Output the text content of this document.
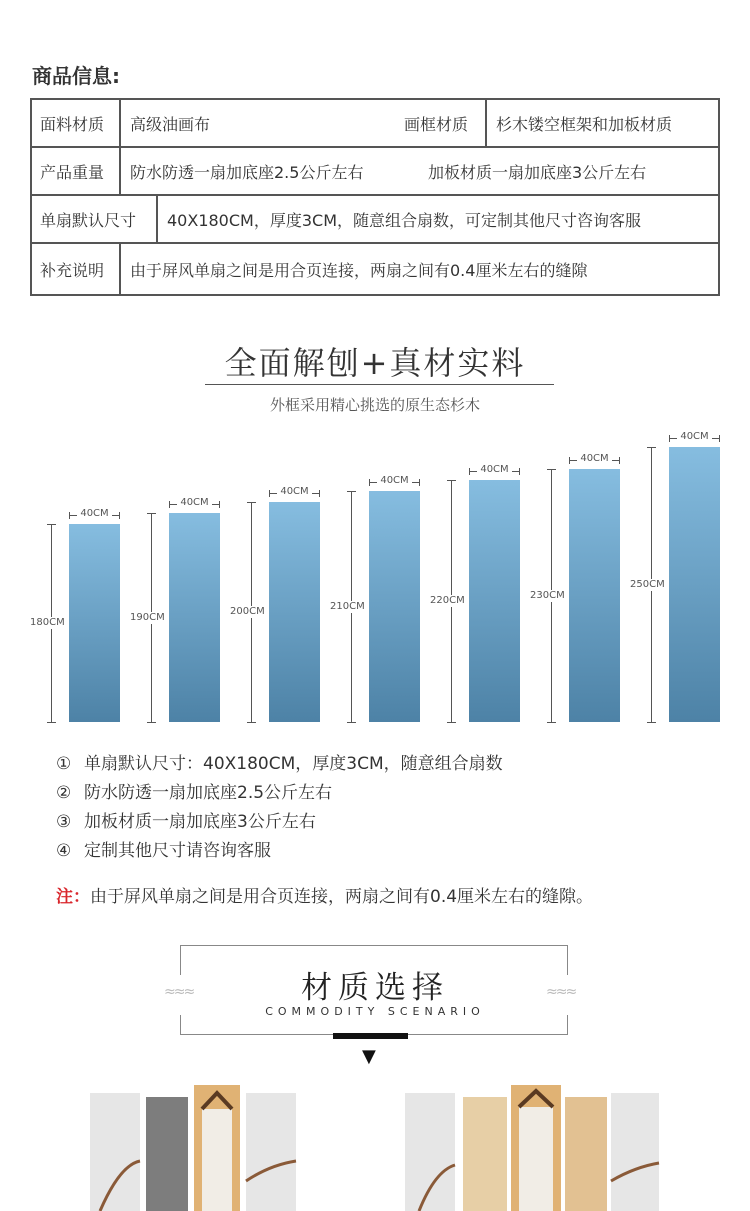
商品信息:
面料材质 高级油画布	画框材质 杉木镂空框架和加板材质
产品重量 防水防透一扇加底座2.5公斤左右	加板材质一扇加底座3公斤左右
单扇默认尺寸 40X180CM，厚度3CM，随意组合扇数，可定制其他尺寸咨询客服
补充说明 由于屏风单扇之间是用合页连接，两扇之间有0.4厘米左右的缝隙
全面解刨+真材实料
外框采用精心挑选的原生态杉木
180CM
40CM
190CM
40CM
200CM
40CM
210CM
40CM
220CM
40CM
230CM
40CM
250CM
40CM
① 单扇默认尺寸：40X180CM，厚度3CM，随意组合扇数
② 防水防透一扇加底座2.5公斤左右
③ 加板材质一扇加底座3公斤左右
④ 定制其他尺寸请咨询客服
注：由于屏风单扇之间是用合页连接，两扇之间有0.4厘米左右的缝隙。
≈≈≈	≈≈≈
材质选择
COMMODITY SCENARIO
▼
